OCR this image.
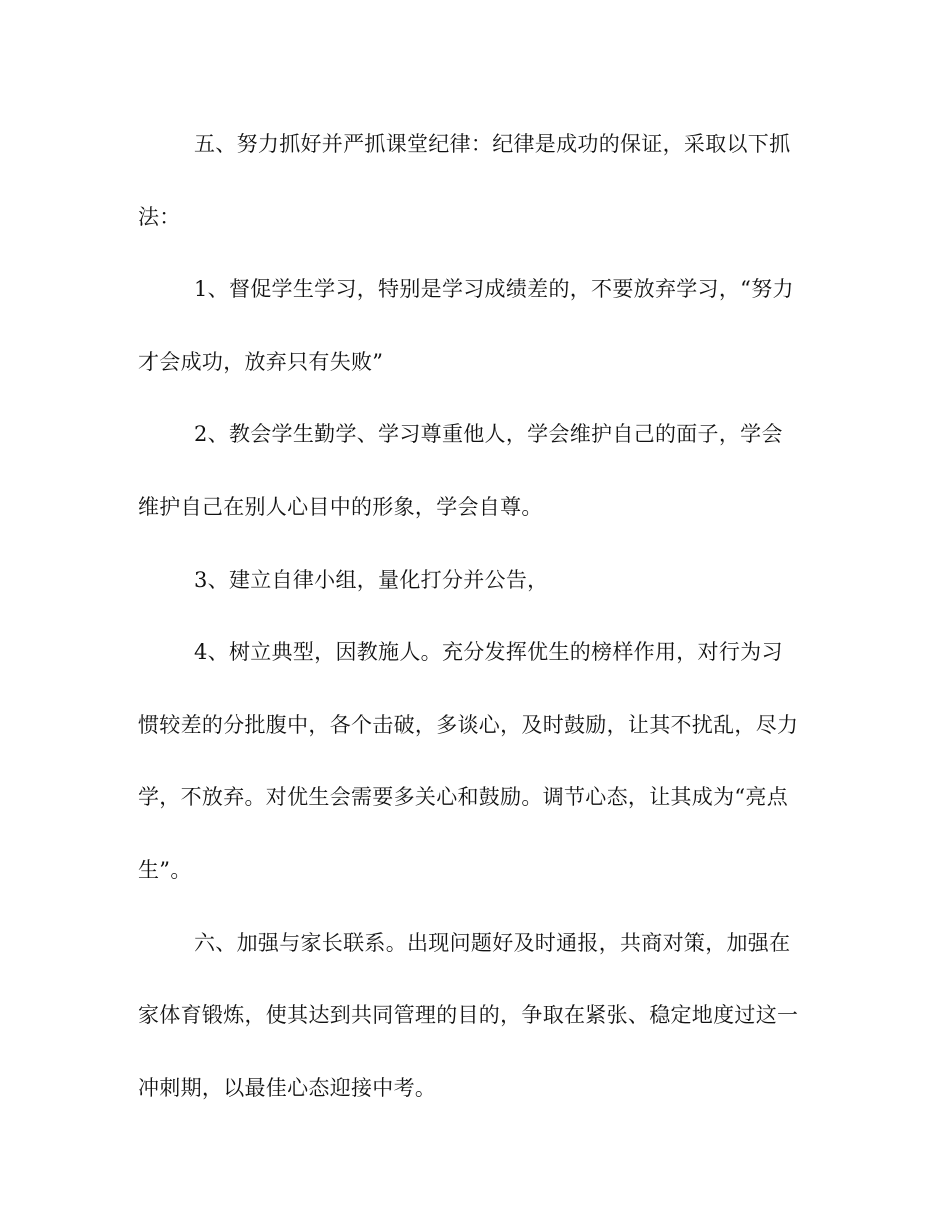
五、努力抓好并严抓课堂纪律：纪律是成功的保证，采取以下抓
法：
1、督促学生学习，特别是学习成绩差的，不要放弃学习，“努力
才会成功，放弃只有失败”
2、教会学生勤学、学习尊重他人，学会维护自己的面子，学会
维护自己在别人心目中的形象，学会自尊。
3、建立自律小组，量化打分并公告，
4、树立典型，因教施人。充分发挥优生的榜样作用，对行为习
惯较差的分批腹中，各个击破，多谈心，及时鼓励，让其不扰乱，尽力
学，不放弃。对优生会需要多关心和鼓励。调节心态，让其成为“亮点
生”。
六、加强与家长联系。出现问题好及时通报，共商对策，加强在
家体育锻炼，使其达到共同管理的目的，争取在紧张、稳定地度过这一
冲刺期，以最佳心态迎接中考。
